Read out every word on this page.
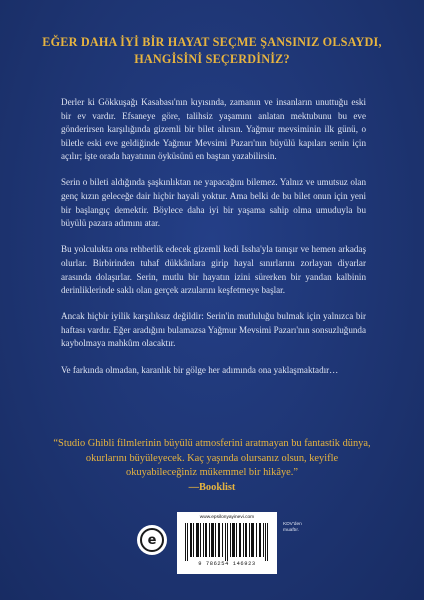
EĞER DAHA İYİ BİR HAYAT SEÇME ŞANSINIZ OLSAYDI,
HANGİSİNİ SEÇERDİNİZ?

Derler ki Gökkuşağı Kasabası'nın kıyısında, zamanın ve insanların unuttuğu eski bir ev vardır. Efsaneye göre, talihsiz yaşamını anlatan mektubunu bu eve gönderirsen karşılığında gizemli bir bilet alırsın. Yağmur mevsiminin ilk günü, o biletle eski eve geldiğinde Yağmur Mevsimi Pazarı'nın büyülü kapıları senin için açılır; işte orada hayatının öyküsünü en baştan yazabilirsin.

Serin o bileti aldığında şaşkınlıktan ne yapacağını bilemez. Yalnız ve umutsuz olan genç kızın geleceğe dair hiçbir hayali yoktur. Ama belki de bu bilet onun için yeni bir başlangıç demektir. Böylece daha iyi bir yaşama sahip olma umuduyla bu büyülü pazara adımını atar.

Bu yolculukta ona rehberlik edecek gizemli kedi Issha'yla tanışır ve hemen arkadaş olurlar. Birbirinden tuhaf dükkânlara girip hayal sınırlarını zorlayan diyarlar arasında dolaşırlar. Serin, mutlu bir hayatın izini sürerken bir yandan kalbinin derinliklerinde saklı olan gerçek arzularını keşfetmeye başlar.

Ancak hiçbir iyilik karşılıksız değildir: Serin'in mutluluğu bulmak için yalnızca bir haftası vardır. Eğer aradığını bulamazsa Yağmur Mevsimi Pazarı'nın sonsuzluğunda kaybolmaya mahkûm olacaktır.

Ve farkında olmadan, karanlık bir gölge her adımında ona yaklaşmaktadır…

“Studio Ghibli filmlerinin büyülü atmosferini aratmayan bu fantastik dünya, okurlarını büyüleyecek. Kaç yaşında olursanız olsun, keyifle okuyabileceğiniz mükemmel bir hikâye.”
—Booklist
e
www.epsilonyayinevi.com
9 786254 146923
KDV'den
muaftır.
